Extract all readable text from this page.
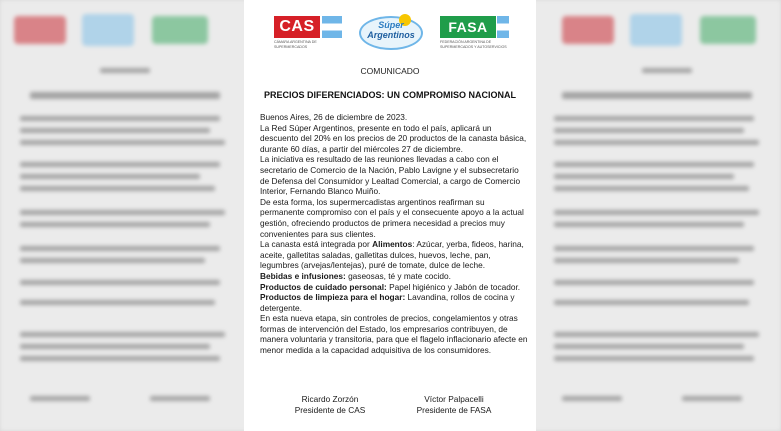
CAS
CÁMARA ARGENTINA DE SUPERMERCADOS
Súper
Argentinos	FASA
FEDERACIÓN ARGENTINA DE SUPERMERCADOS Y AUTOSERVICIOS
COMUNICADO
PRECIOS DIFERENCIADOS: UN COMPROMISO NACIONAL

Buenos Aires, 26 de diciembre de 2023.

La Red Súper Argentinos, presente en todo el país, aplicará un descuento del 20% en los precios de 20 productos de la canasta básica, durante 60 días, a partir del miércoles 27 de diciembre.

La iniciativa es resultado de las reuniones llevadas a cabo con el secretario de Comercio de la Nación, Pablo Lavigne y el subsecretario de Defensa del Consumidor y Lealtad Comercial, a cargo de Comercio Interior, Fernando Blanco Muiño.

De esta forma, los supermercadistas argentinos reafirman su permanente compromiso con el país y el consecuente apoyo a la actual gestión, ofreciendo productos de primera necesidad a precios muy convenientes para sus clientes.

La canasta está integrada por Alimentos: Azúcar, yerba, fideos, harina, aceite, galletitas saladas, galletitas dulces, huevos, leche, pan, legumbres (arvejas/lentejas), puré de tomate, dulce de leche.

Bebidas e infusiones: gaseosas, té y mate cocido.

Productos de cuidado personal: Papel higiénico y Jabón de tocador.

Productos de limpieza para el hogar: Lavandina, rollos de cocina y detergente.

En esta nueva etapa, sin controles de precios, congelamientos y otras formas de intervención del Estado, los empresarios contribuyen, de manera voluntaria y transitoria, para que el flagelo inflacionario afecte en menor medida a la capacidad adquisitiva de los consumidores.

Ricardo Zorzón
Presidente de CAS
Víctor Palpacelli
Presidente de FASA
